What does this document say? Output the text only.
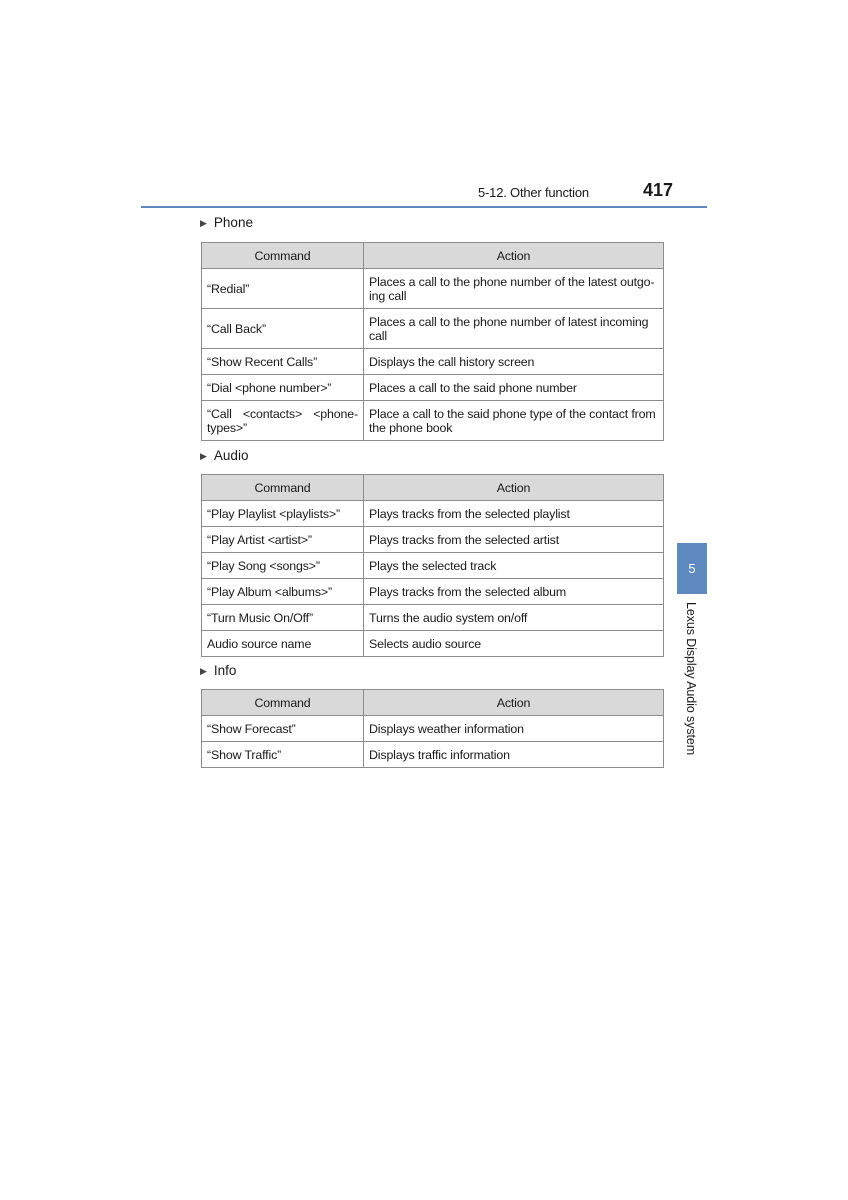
5-12. Other function	417
▶ Phone
Command	Action
“Redial”	Places a call to the phone number of the latest outgo-ing call
“Call Back”	Places a call to the phone number of latest incoming call
“Show Recent Calls”	Displays the call history screen
“Dial <phone number>”	Places a call to the said phone number
“Call <contacts> <phone-types>”	Place a call to the said phone type of the contact from the phone book
▶ Audio
Command	Action
“Play Playlist <playlists>”	Plays tracks from the selected playlist
“Play Artist <artist>”	Plays tracks from the selected artist
“Play Song <songs>”	Plays the selected track
“Play Album <albums>”	Plays tracks from the selected album
“Turn Music On/Off”	Turns the audio system on/off
Audio source name	Selects audio source
▶ Info
Command	Action
“Show Forecast”	Displays weather information
“Show Traffic”	Displays traffic information
5
Lexus Display Audio system
